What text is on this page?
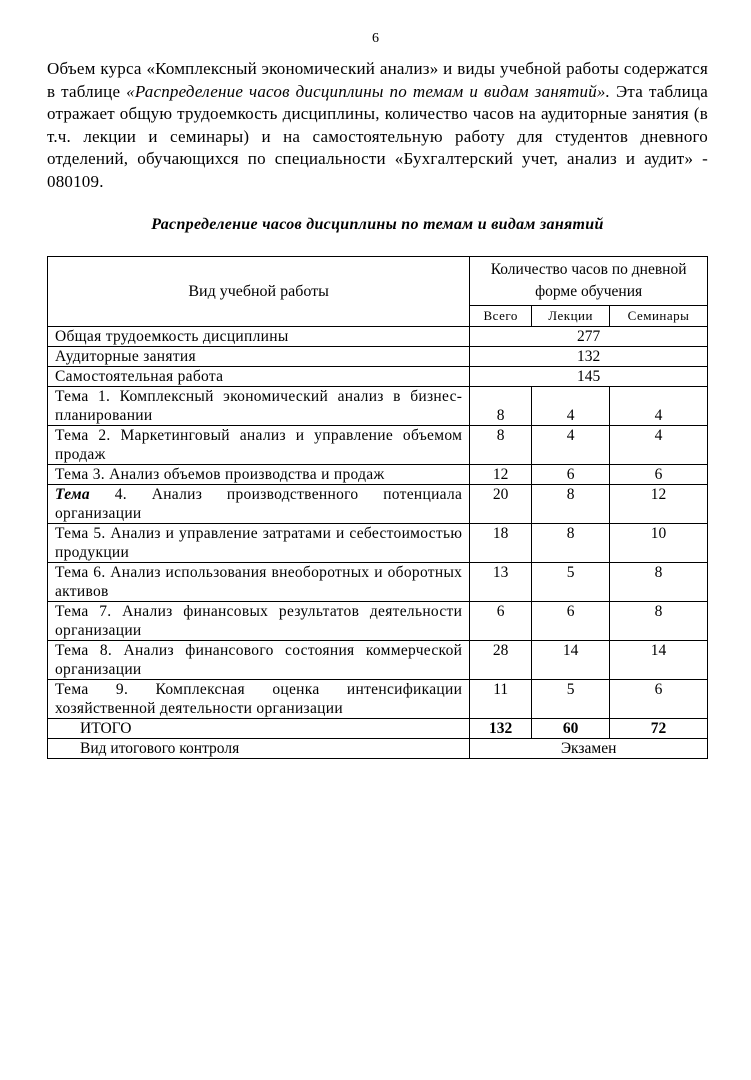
6

Объем курса «Комплексный экономический анализ» и виды учебной работы содержатся в таблице «Распределение часов дисциплины по темам и видам занятий». Эта таблица отражает общую трудоемкость дисциплины, количество часов на аудиторные занятия (в т.ч. лекции и семинары) и на самостоятельную работу для студентов дневного отделений, обучающихся по специальности «Бухгалтерский учет, анализ и аудит» - 080109.

Распределение часов дисциплины по темам и видам занятий
Вид учебной работы	Количество часов по дневной форме обучения		
	Всего	Лекции	Семинары
Общая трудоемкость дисциплины	277		
Аудиторные занятия	132		
Самостоятельная работа	145		
Тема 1. Комплексный экономический анализ в бизнес-планировании	8	4	4
Тема 2. Маркетинговый анализ и управление объемом продаж	8	4	4
Тема 3. Анализ объемов производства и продаж	12	6	6
Тема 4. Анализ производственного потенциала организации	20	8	12
Тема 5. Анализ и управление затратами и себестоимостью продукции	18	8	10
Тема 6. Анализ использования внеоборотных и оборотных активов	13	5	8
Тема 7. Анализ финансовых результатов деятельности организации	6	6	8
Тема 8. Анализ финансового состояния коммерческой организации	28	14	14
Тема 9. Комплексная оценка интенсификации хозяйственной деятельности организации	11	5	6
ИТОГО	132	60	72
Вид итогового контроля	Экзамен		
